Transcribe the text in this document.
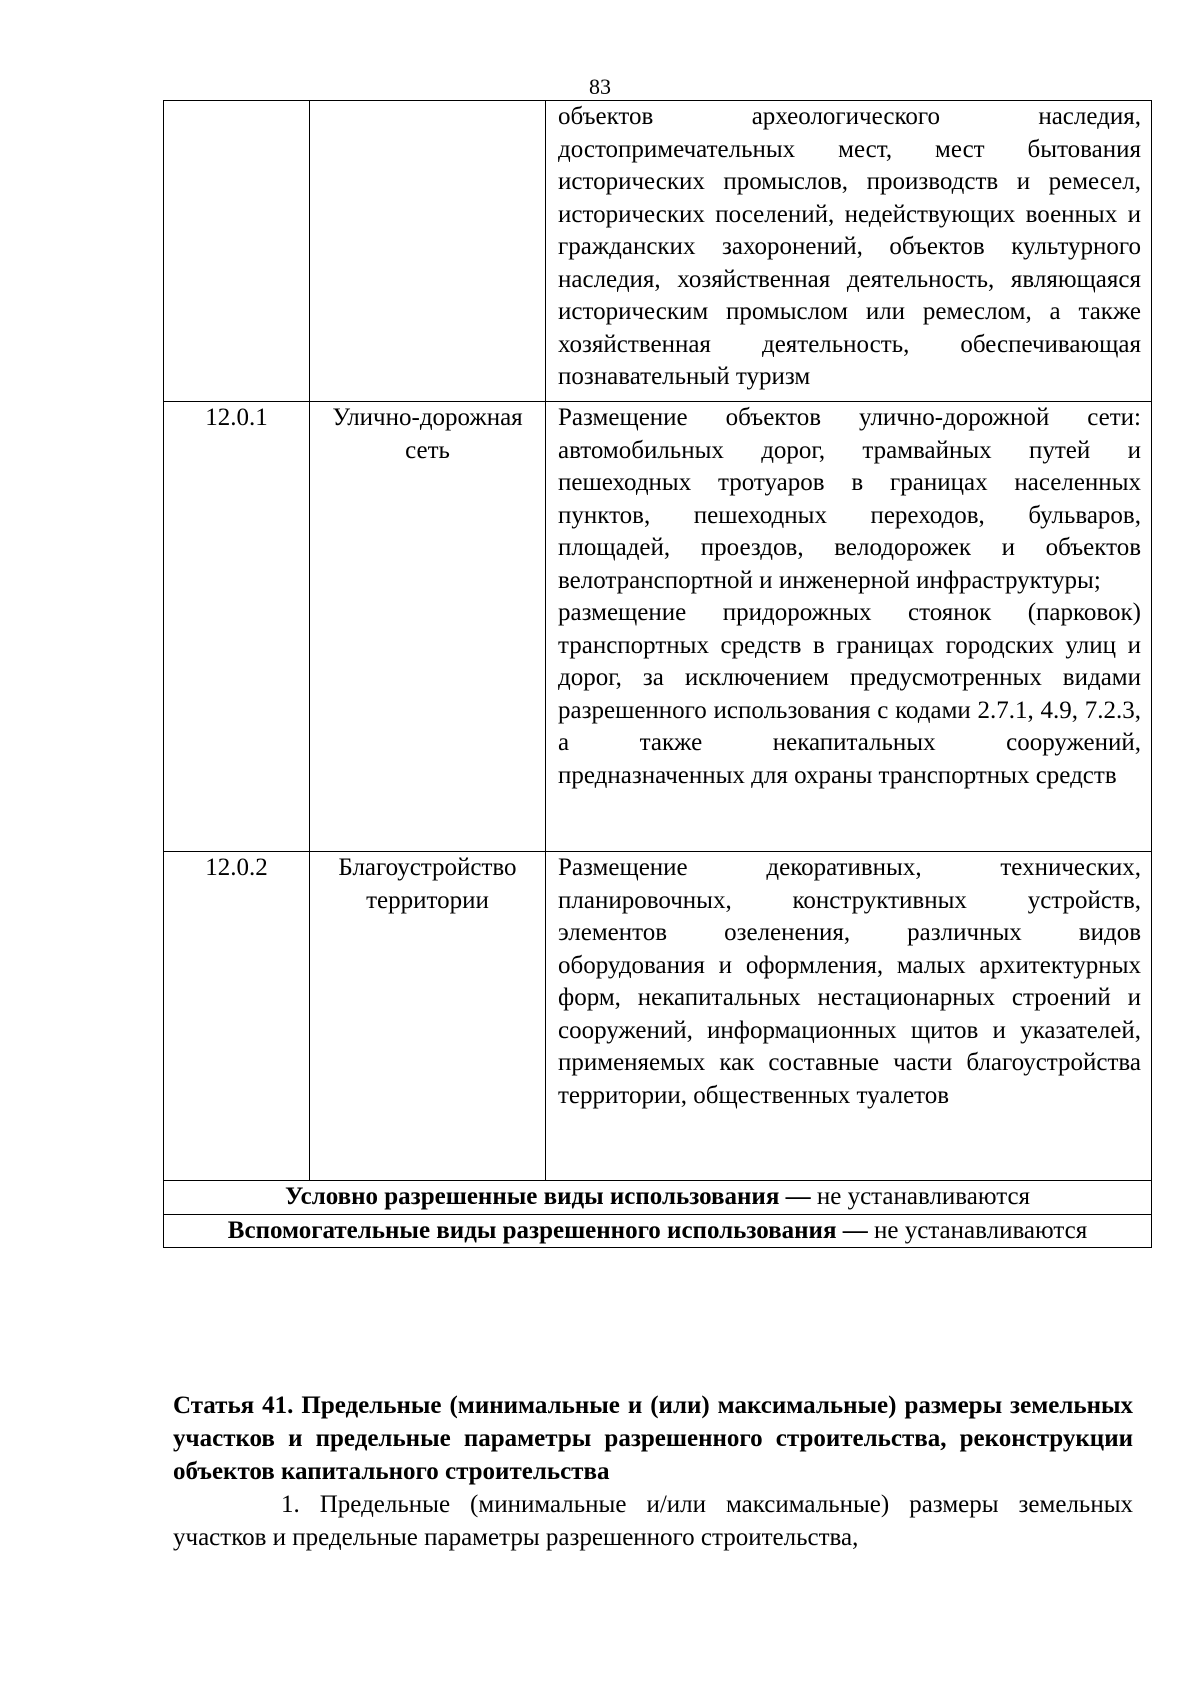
83

		объектов археологического наследия, достопримечательных мест, мест бытования исторических промыслов, производств и ремесел, исторических поселений, недействующих военных и гражданских захоронений, объектов культурного наследия, хозяйственная деятельность, являющаяся историческим промыслом или ремеслом, а также хозяйственная деятельность, обеспечивающая познавательный туризм

12.0.1	Улично-дорожная сеть	Размещение объектов улично-дорожной сети: автомобильных дорог, трамвайных путей и пешеходных тротуаров в границах населенных пунктов, пешеходных переходов, бульваров, площадей, проездов, велодорожек и объектов велотранспортной и инженерной инфраструктуры;

размещение придорожных стоянок (парковок) транспортных средств в границах городских улиц и дорог, за исключением предусмотренных видами разрешенного использования с кодами 2.7.1, 4.9, 7.2.3, а также некапитальных сооружений, предназначенных для охраны транспортных средств

12.0.2	Благоустройство территории	Размещение декоративных, технических, планировочных, конструктивных устройств, элементов озеленения, различных видов оборудования и оформления, малых архитектурных форм, некапитальных нестационарных строений и сооружений, информационных щитов и указателей, применяемых как составные части благоустройства территории, общественных туалетов

Условно разрешенные виды использования — не устанавливаются		
Вспомогательные виды разрешенного использования — не устанавливаются		

Статья 41. Предельные (минимальные и (или) максимальные) размеры земельных участков и предельные параметры разрешенного строительства, реконструкции объектов капитального строительства

1. Предельные (минимальные и/или максимальные) размеры земельных участков и предельные параметры разрешенного строительства,
